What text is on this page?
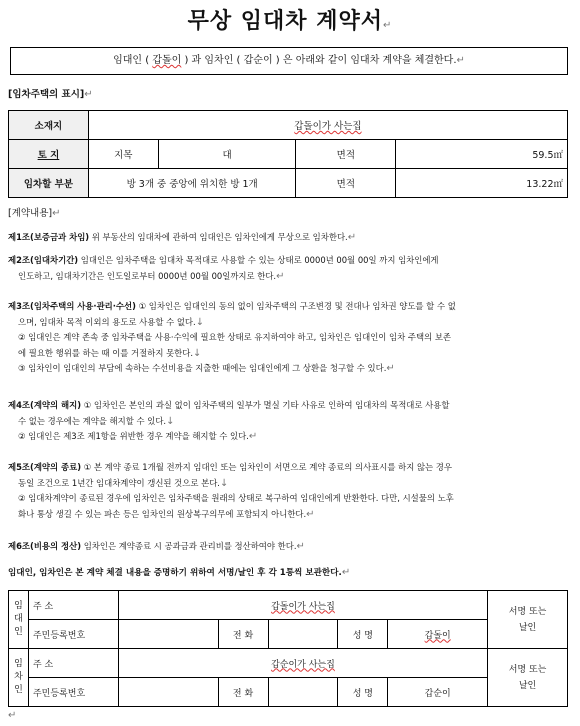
무상 임대차 계약서↵
임대인 ( 갑돌이 ) 과 임차인 ( 갑순이 ) 은 아래와 같이 임대차 계약을 체결한다.↵
[임차주택의 표시]↵
소재지	갑돌이가 사는집			
토 지	지목	대	면적	59.5㎡
임차할 부분	방 3개 중 중앙에 위치한 방 1개		면적	13.22㎡
[계약내용]↵

제1조(보증금과 차임) 위 부동산의 임대차에 관하여 임대인은 임차인에게 무상으로 임차한다.↵

제2조(임대차기간) 임대인은 임차주택을 임대차 목적대로 사용할 수 있는 상태로 0000년 00월 00일 까지 임차인에게

인도하고, 임대차기간은 인도일로부터 0000년 00월 00일까지로 한다.↵

제3조(임차주택의 사용·관리·수선) ① 임차인은 임대인의 동의 없이 임차주택의 구조변경 및 전대나 임차권 양도를 할 수 없

으며, 임대차 목적 이외의 용도로 사용할 수 없다.↓

② 임대인은 계약 존속 중 임차주택을 사용·수익에 필요한 상태로 유지하여야 하고, 임차인은 임대인이 임차 주택의 보존

에 필요한 행위를 하는 때 이를 거절하지 못한다.↓

③ 임차인이 임대인의 부담에 속하는 수선비용을 지출한 때에는 임대인에게 그 상환을 청구할 수 있다.↵

제4조(계약의 해지) ① 임차인은 본인의 과실 없이 임차주택의 일부가 멸실 기타 사유로 인하여 임대차의 목적대로 사용할

수 없는 경우에는 계약을 해지할 수 있다.↓

② 임대인은 제3조 제1항을 위반한 경우 계약을 해지할 수 있다.↵

제5조(계약의 종료) ① 본 계약 종료 1개월 전까지 임대인 또는 임차인이 서면으로 계약 종료의 의사표시를 하지 않는 경우

동일 조건으로 1년간 임대차계약이 갱신된 것으로 본다.↓

② 임대차계약이 종료된 경우에 임차인은 임차주택을 원래의 상태로 복구하여 임대인에게 반환한다. 다만, 시설물의 노후

화나 통상 생길 수 있는 파손 등은 임차인의 원상복구의무에 포함되지 아니한다.↵

제6조(비용의 정산) 임차인은 계약종료 시 공과금과 관리비를 정산하여야 한다.↵

임대인, 임차인은 본 계약 체결 내용을 증명하기 위하여 서명/날인 후 각 1통씩 보관한다.↵

임
대
인	주 소	갑돌이가 사는집					서명 또는
날인
	주민등록번호		전 화		성 명	갑돌이	
임
차
인	주 소	갑순이가 사는집					서명 또는
날인
	주민등록번호		전 화		성 명	갑순이	
↵
